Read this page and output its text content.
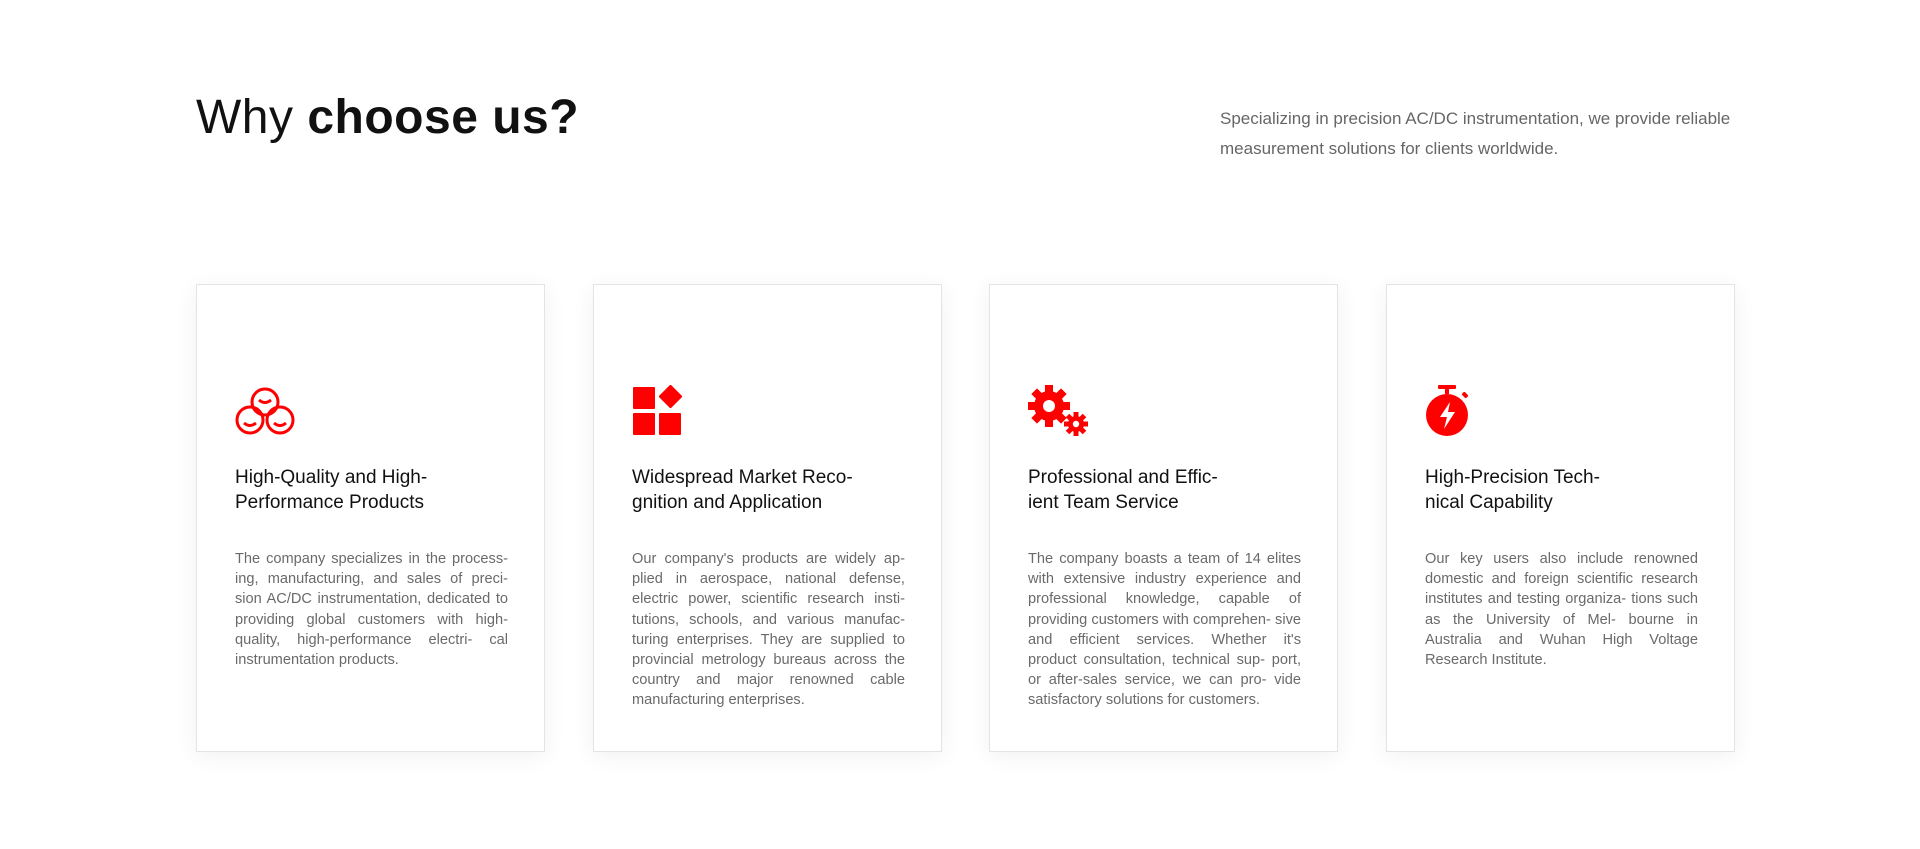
Why choose us?	Specializing in precision AC/DC instrumentation, we provide reliable measurement solutions for clients worldwide.

High-Quality and High-
Performance Products

The company specializes in the process- ing, manufacturing, and sales of preci- sion AC/DC instrumentation, dedicated to providing global customers with high-quality, high-performance electri- cal instrumentation products.

Widespread Market Reco-
gnition and Application

Our company's products are widely ap- plied in aerospace, national defense, electric power, scientific research insti- tutions, schools, and various manufac- turing enterprises. They are supplied to provincial metrology bureaus across the country and major renowned cable manufacturing enterprises.

Professional and Effic-
ient Team Service

The company boasts a team of 14 elites with extensive industry experience and professional knowledge, capable of providing customers with comprehen- sive and efficient services. Whether it's product consultation, technical sup- port, or after-sales service, we can pro- vide satisfactory solutions for customers.

High-Precision Tech-
nical Capability

Our key users also include renowned domestic and foreign scientific research institutes and testing organiza- tions such as the University of Mel- bourne in Australia and Wuhan High Voltage Research Institute.
